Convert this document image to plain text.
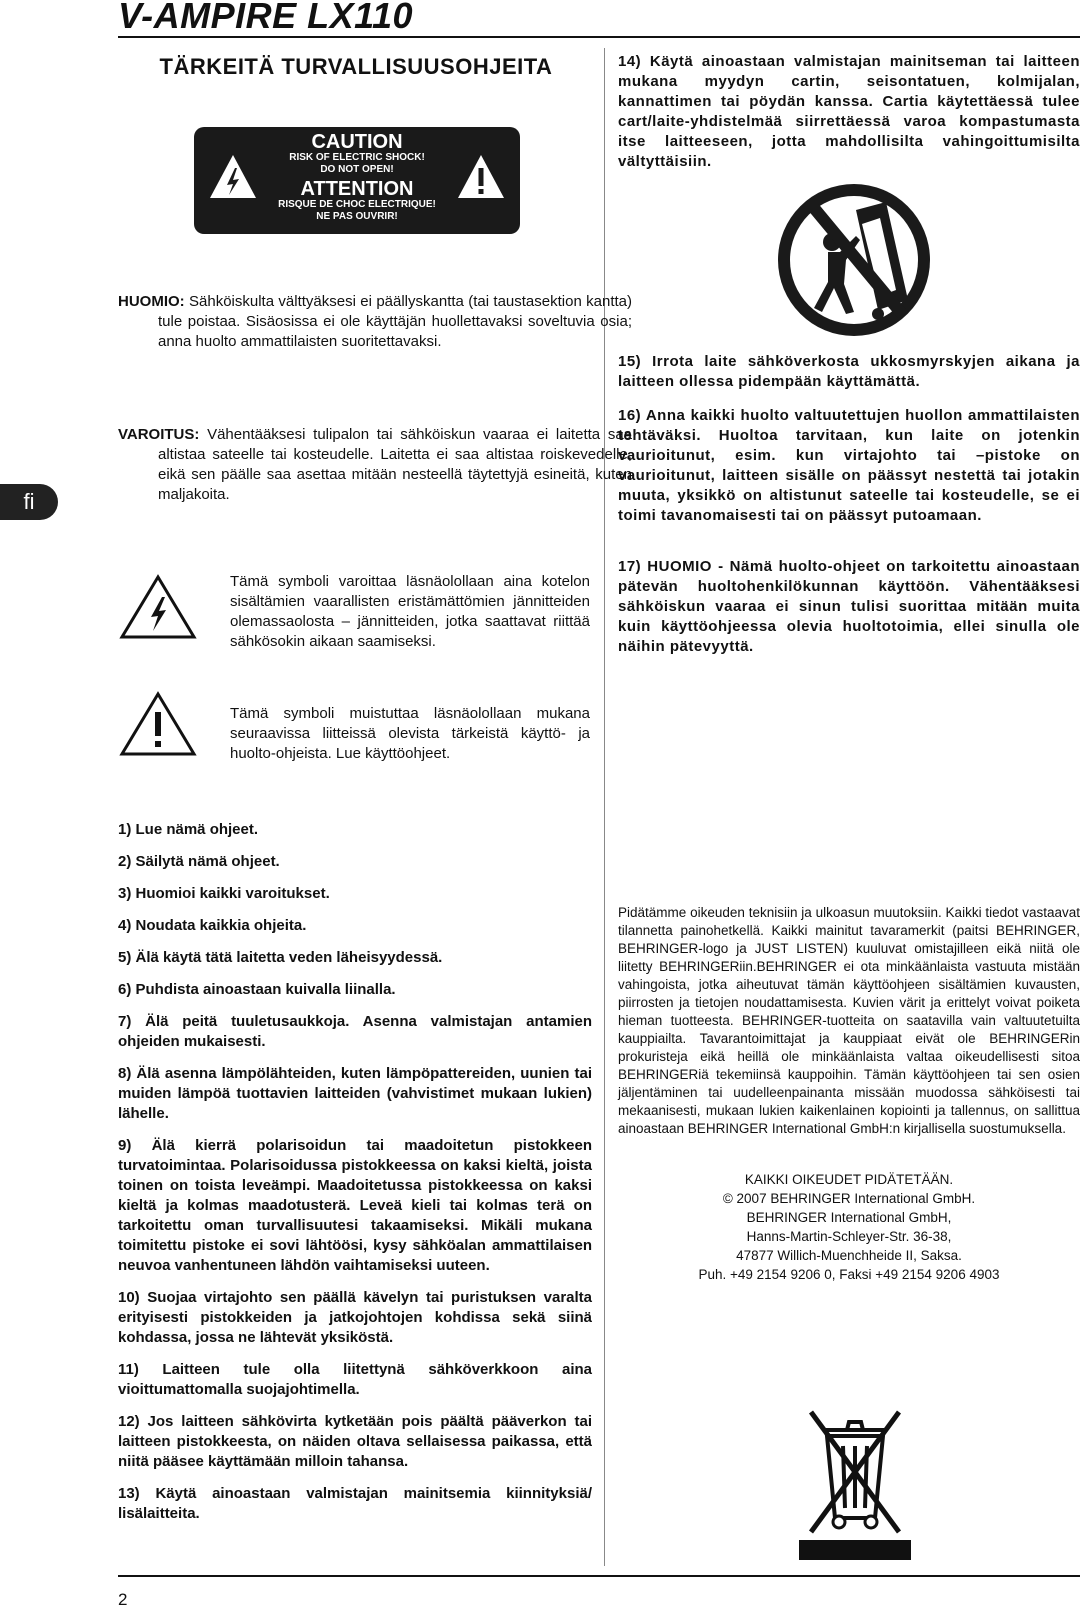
V-AMPIRE LX110
fi
TÄRKEITÄ TURVALLISUUSOHJEITA
CAUTION
RISK OF ELECTRIC SHOCK!
DO NOT OPEN!
ATTENTION
RISQUE DE CHOC ELECTRIQUE!
NE PAS OUVRIR!
HUOMIO: Sähköiskulta välttyäksesi ei päällyskantta (tai taustasektion kantta) tule poistaa. Sisäosissa ei ole käyttäjän huollettavaksi soveltuvia osia; anna huolto ammattilaisten suoritettavaksi.
VAROITUS: Vähentääksesi tulipalon tai sähköiskun vaaraa ei laitetta saa altistaa sateelle tai kosteudelle. Laitetta ei saa altistaa roiskevedelle, eikä sen päälle saa asettaa mitään nesteellä täytettyjä esineitä, kuten maljakoita.
Tämä symboli varoittaa läsnäolollaan aina kotelon sisältämien vaarallisten eristämättömien jännitteiden olemassaolosta – jännitteiden, jotka saattavat riittää sähkösokin aikaan saamiseksi.
Tämä symboli muistuttaa läsnäolollaan mukana seuraavissa liitteissä olevista tärkeistä käyttö- ja huolto-ohjeista. Lue käyttöohjeet.
1) Lue nämä ohjeet.
2) Säilytä nämä ohjeet.
3) Huomioi kaikki varoitukset.
4) Noudata kaikkia ohjeita.
5) Älä käytä tätä laitetta veden läheisyydessä.
6) Puhdista ainoastaan kuivalla liinalla.
7) Älä peitä tuuletusaukkoja. Asenna valmistajan antamien ohjeiden mukaisesti.
8) Älä asenna lämpölähteiden, kuten lämpöpattereiden, uunien tai muiden lämpöä tuottavien laitteiden (vahvistimet mukaan lukien) lähelle.
9) Älä kierrä polarisoidun tai maadoitetun pistokkeen turvatoimintaa. Polarisoidussa pistokkeessa on kaksi kieltä, joista toinen on toista leveämpi. Maadoitetussa pistokkeessa on kaksi kieltä ja kolmas maadotusterä. Leveä kieli tai kolmas terä on tarkoitettu oman turvallisuutesi takaamiseksi. Mikäli mukana toimitettu pistoke ei sovi lähtöösi, kysy sähköalan ammattilaisen neuvoa vanhentuneen lähdön vaihtamiseksi uuteen.
10) Suojaa virtajohto sen päällä kävelyn tai puristuksen varalta erityisesti pistokkeiden ja jatkojohtojen kohdissa sekä siinä kohdassa, jossa ne lähtevät yksiköstä.
11) Laitteen tule olla liitettynä sähköverkkoon aina vioittumattomalla suojajohtimella.
12) Jos laitteen sähkövirta kytketään pois päältä pääverkon tai laitteen pistokkeesta, on näiden oltava sellaisessa paikassa, että niitä pääsee käyttämään milloin tahansa.
13) Käytä ainoastaan valmistajan mainitsemia kiinnityksiä/ lisälaitteita.
14) Käytä ainoastaan valmistajan mainitseman tai laitteen mukana myydyn cartin, seisontatuen, kolmijalan, kannattimen tai pöydän kanssa. Cartia käytettäessä tulee cart/laite-yhdistelmää siirrettäessä varoa kompastumasta itse laitteeseen, jotta mahdollisilta vahingoittumisilta vältyttäisiin.
15) Irrota laite sähköverkosta ukkosmyrskyjen aikana ja laitteen ollessa pidempään käyttämättä.
16) Anna kaikki huolto valtuutettujen huollon ammattilaisten tehtäväksi. Huoltoa tarvitaan, kun laite on jotenkin vaurioitunut, esim. kun virtajohto tai –pistoke on vaurioitunut, laitteen sisälle on päässyt nestettä tai jotakin muuta, yksikkö on altistunut sateelle tai kosteudelle, se ei toimi tavanomaisesti tai on päässyt putoamaan.
17) HUOMIO - Nämä huolto-ohjeet on tarkoitettu ainoastaan pätevän huoltohenkilökunnan käyttöön. Vähentääksesi sähköiskun vaaraa ei sinun tulisi suorittaa mitään muita kuin käyttöohjeessa olevia huoltotoimia, ellei sinulla ole näihin pätevyyttä.
Pidätämme oikeuden teknisiin ja ulkoasun muutoksiin. Kaikki tiedot vastaavat tilannetta painohetkellä. Kaikki mainitut tavaramerkit (paitsi BEHRINGER, BEHRINGER-logo ja JUST LISTEN) kuuluvat omistajilleen eikä niitä ole liitetty BEHRINGERiin.BEHRINGER ei ota minkäänlaista vastuuta mistään vahingoista, jotka aiheutuvat tämän käyttöohjeen sisältämien kuvausten, piirrosten ja tietojen noudattamisesta. Kuvien värit ja erittelyt voivat poiketa hieman tuotteesta. BEHRINGER-tuotteita on saatavilla vain valtuutetuilta kauppiailta. Tavarantoimittajat ja kauppiaat eivät ole BEHRINGERin prokuristeja eikä heillä ole minkäänlaista valtaa oikeudellisesti sitoa BEHRINGERiä tekemiinsä kauppoihin. Tämän käyttöohjeen tai sen osien jäljentäminen tai uudelleenpainanta missään muodossa sähköisesti tai mekaanisesti, mukaan lukien kaikenlainen kopiointi ja tallennus, on sallittua ainoastaan BEHRINGER International GmbH:n kirjallisella suostumuksella.
KAIKKI OIKEUDET PIDÄTETÄÄN.
© 2007 BEHRINGER International GmbH.
BEHRINGER International GmbH,
Hanns-Martin-Schleyer-Str. 36-38,
47877 Willich-Muenchheide II, Saksa.
Puh. +49 2154 9206 0, Faksi +49 2154 9206 4903
2
